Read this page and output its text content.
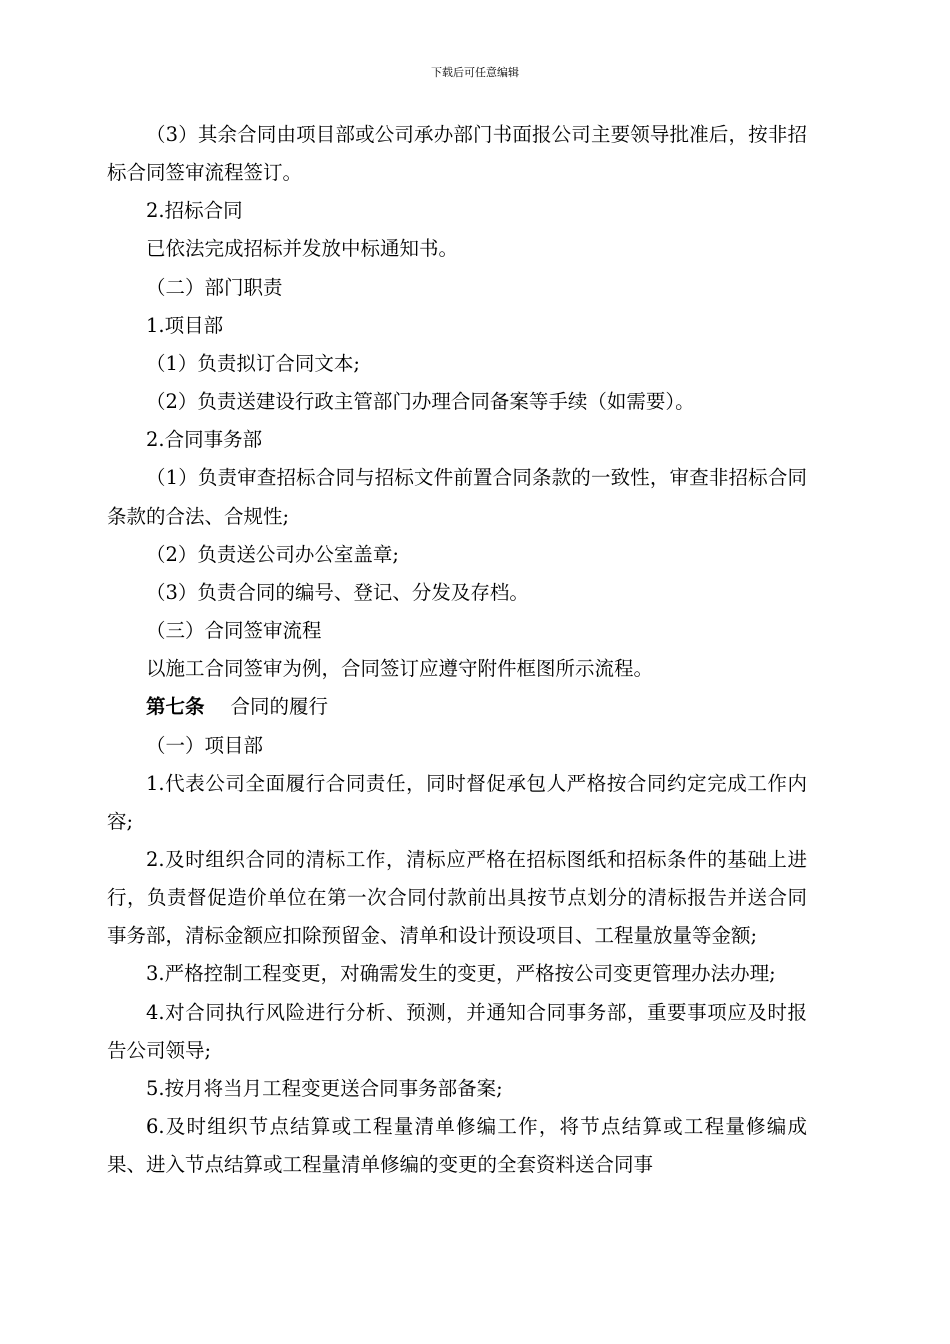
下载后可任意编辑

（3）其余合同由项目部或公司承办部门书面报公司主要领导批准后，按非招标合同签审流程签订。

2.招标合同

已依法完成招标并发放中标通知书。

（二）部门职责

1.项目部

（1）负责拟订合同文本;

（2）负责送建设行政主管部门办理合同备案等手续（如需要）。

2.合同事务部

（1）负责审查招标合同与招标文件前置合同条款的一致性，审查非招标合同条款的合法、合规性;

（2）负责送公司办公室盖章;

（3）负责合同的编号、登记、分发及存档。

（三）合同签审流程

以施工合同签审为例，合同签订应遵守附件框图所示流程。

第七条 合同的履行

（一）项目部

1.代表公司全面履行合同责任，同时督促承包人严格按合同约定完成工作内容;

2.及时组织合同的清标工作，清标应严格在招标图纸和招标条件的基础上进行，负责督促造价单位在第一次合同付款前出具按节点划分的清标报告并送合同事务部，清标金额应扣除预留金、清单和设计预设项目、工程量放量等金额;

3.严格控制工程变更，对确需发生的变更，严格按公司变更管理办法办理;

4.对合同执行风险进行分析、预测，并通知合同事务部，重要事项应及时报告公司领导;

5.按月将当月工程变更送合同事务部备案;

6.及时组织节点结算或工程量清单修编工作，将节点结算或工程量修编成果、进入节点结算或工程量清单修编的变更的全套资料送合同事
